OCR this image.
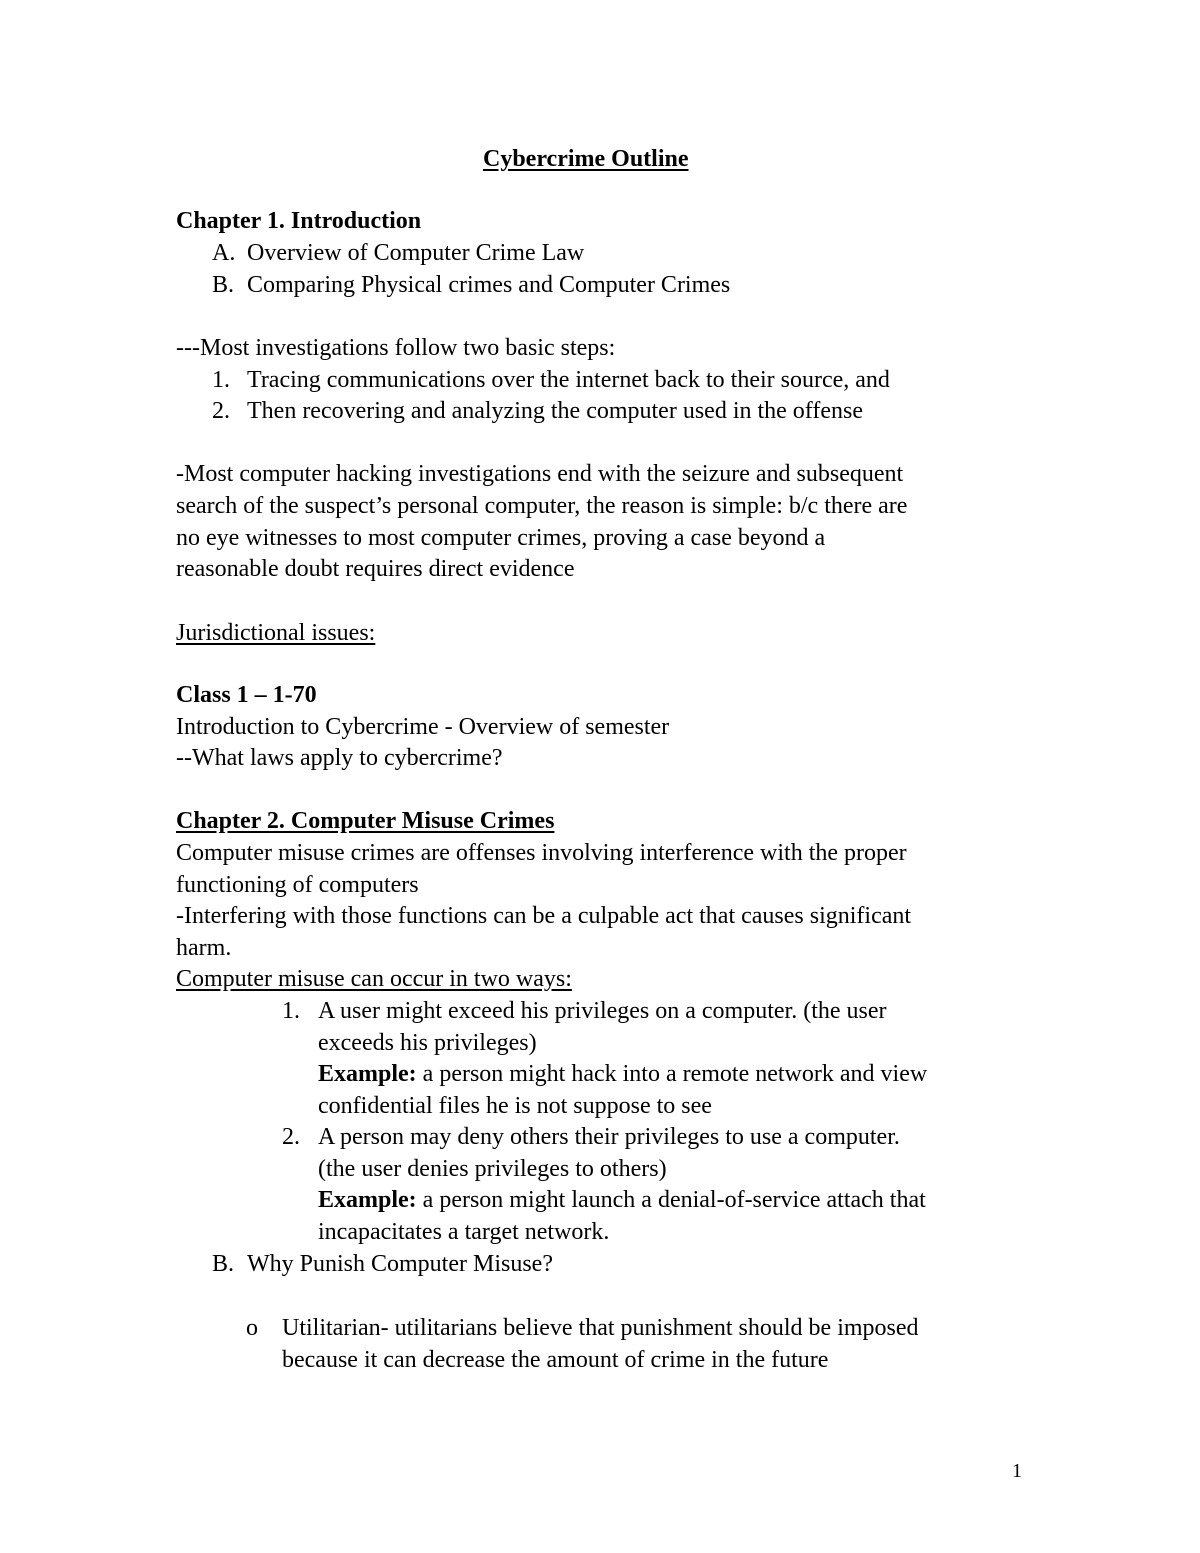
Cybercrime Outline
Chapter 1. Introduction
A. Overview of Computer Crime Law
B. Comparing Physical crimes and Computer Crimes
---Most investigations follow two basic steps:
1. Tracing communications over the internet back to their source, and
2. Then recovering and analyzing the computer used in the offense
-Most computer hacking investigations end with the seizure and subsequent
search of the suspect’s personal computer, the reason is simple: b/c there are
no eye witnesses to most computer crimes, proving a case beyond a
reasonable doubt requires direct evidence
Jurisdictional issues:
Class 1 – 1-70
Introduction to Cybercrime - Overview of semester
--What laws apply to cybercrime?
Chapter 2. Computer Misuse Crimes
Computer misuse crimes are offenses involving interference with the proper
functioning of computers
-Interfering with those functions can be a culpable act that causes significant
harm.
Computer misuse can occur in two ways:
1. A user might exceed his privileges on a computer. (the user
exceeds his privileges)
Example: a person might hack into a remote network and view
confidential files he is not suppose to see
2. A person may deny others their privileges to use a computer.
(the user denies privileges to others)
Example: a person might launch a denial-of-service attach that
incapacitates a target network.
B. Why Punish Computer Misuse?
o Utilitarian- utilitarians believe that punishment should be imposed
because it can decrease the amount of crime in the future
1
